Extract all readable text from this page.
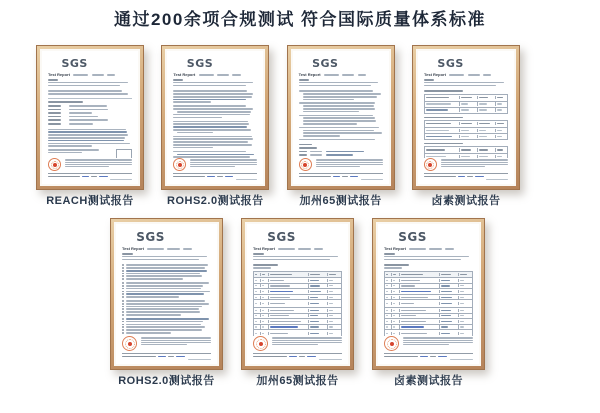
通过200余项合规测试 符合国际质量体系标准
SGS
Test Report
REACH测试报告
SGS
Test Report
ROHS2.0测试报告
SGS
Test Report
加州65测试报告
SGS
Test Report
卤素测试报告
SGS
Test Report
ROHS2.0测试报告
SGS
Test Report
加州65测试报告
SGS
Test Report
卤素测试报告
